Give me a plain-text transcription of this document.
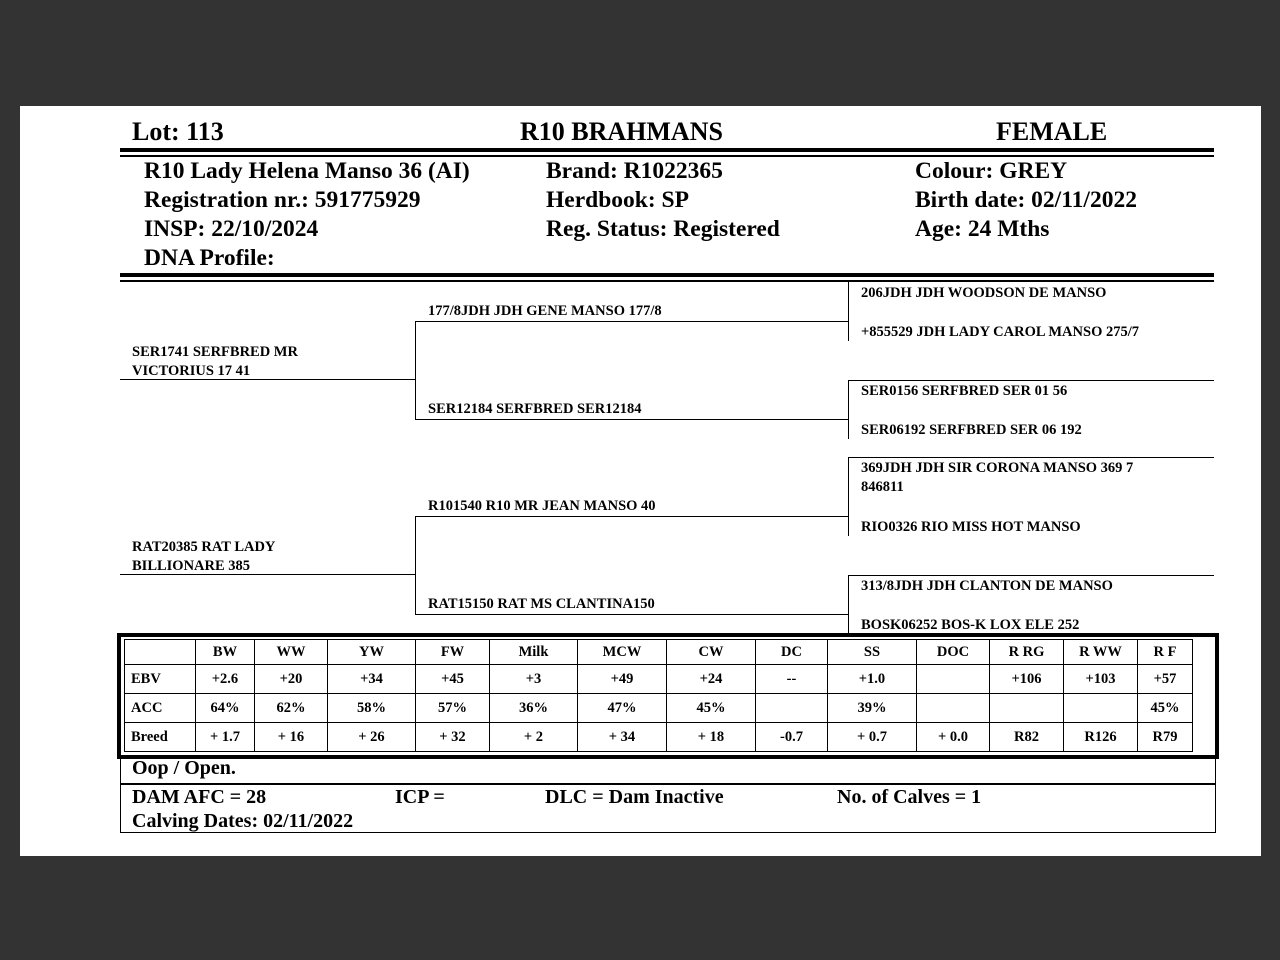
Lot: 113	R10 BRAHMANS	FEMALE
R10 Lady Helena Manso 36 (AI)
Registration nr.: 591775929
INSP: 22/10/2024
DNA Profile:
Brand: R1022365
Herdbook: SP
Reg. Status: Registered
Colour: GREY
Birth date: 02/11/2022
Age: 24 Mths
SER1741 SERFBRED MR
VICTORIUS 17 41
RAT20385 RAT LADY
BILLIONARE 385
177/8JDH JDH GENE MANSO 177/8
SER12184 SERFBRED SER12184
R101540 R10 MR JEAN MANSO 40
RAT15150 RAT MS CLANTINA150
206JDH JDH WOODSON DE MANSO
+855529 JDH LADY CAROL MANSO 275/7
SER0156 SERFBRED SER 01 56
SER06192 SERFBRED SER 06 192
369JDH JDH SIR CORONA MANSO 369 7
846811
RIO0326 RIO MISS HOT MANSO
313/8JDH JDH CLANTON DE MANSO
BOSK06252 BOS-K LOX ELE 252
	BW	WW	YW	FW	Milk	MCW	CW	DC	SS	DOC	R RG	R WW	R F
EBV	+2.6	+20	+34	+45	+3	+49	+24	--	+1.0		+106	+103	+57
ACC	64%	62%	58%	57%	36%	47%	45%		39%				45%
Breed	+ 1.7	+ 16	+ 26	+ 32	+ 2	+ 34	+ 18	-0.7	+ 0.7	+ 0.0	R82	R126	R79
Oop / Open.
DAM AFC = 28	ICP =	DLC = Dam Inactive	No. of Calves = 1
Calving Dates: 02/11/2022
